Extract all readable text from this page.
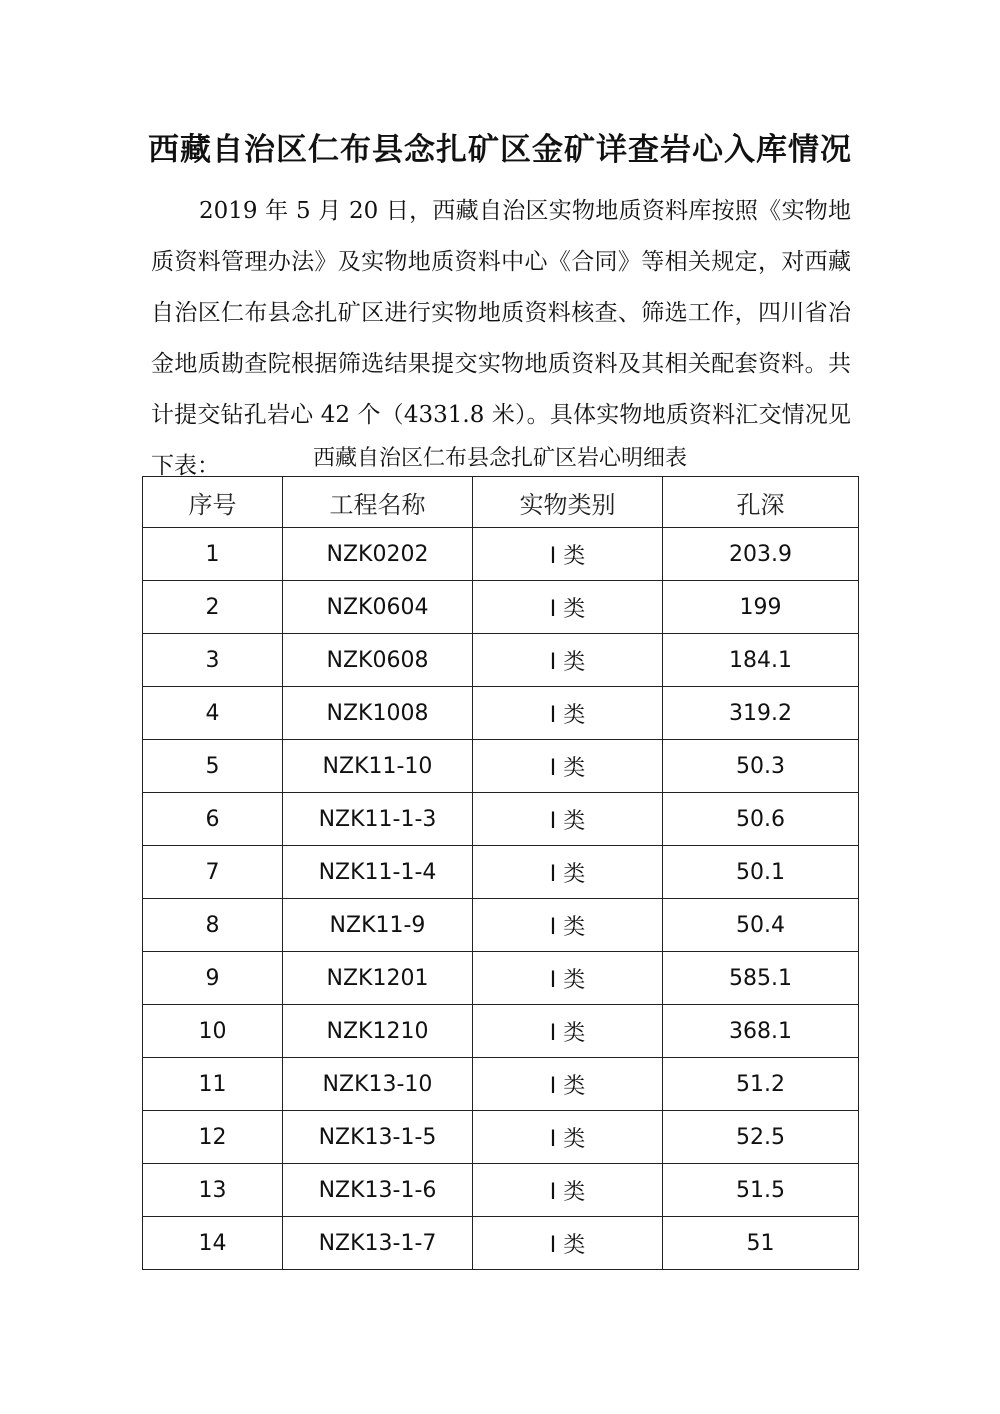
西藏自治区仁布县念扎矿区金矿详查岩心入库情况

2019 年 5 月 20 日，西藏自治区实物地质资料库按照《实物地质资料管理办法》及实物地质资料中心《合同》等相关规定，对西藏自治区仁布县念扎矿区进行实物地质资料核查、筛选工作，四川省冶金地质勘查院根据筛选结果提交实物地质资料及其相关配套资料。共计提交钻孔岩心 42 个（4331.8 米）。具体实物地质资料汇交情况见下表：	西藏自治区仁布县念扎矿区岩心明细表
序号	工程名称	实物类别	孔深
1	NZK0202	I 类	203.9
2	NZK0604	I 类	199
3	NZK0608	I 类	184.1
4	NZK1008	I 类	319.2
5	NZK11-10	I 类	50.3
6	NZK11-1-3	I 类	50.6
7	NZK11-1-4	I 类	50.1
8	NZK11-9	I 类	50.4
9	NZK1201	I 类	585.1
10	NZK1210	I 类	368.1
11	NZK13-10	I 类	51.2
12	NZK13-1-5	I 类	52.5
13	NZK13-1-6	I 类	51.5
14	NZK13-1-7	I 类	51
